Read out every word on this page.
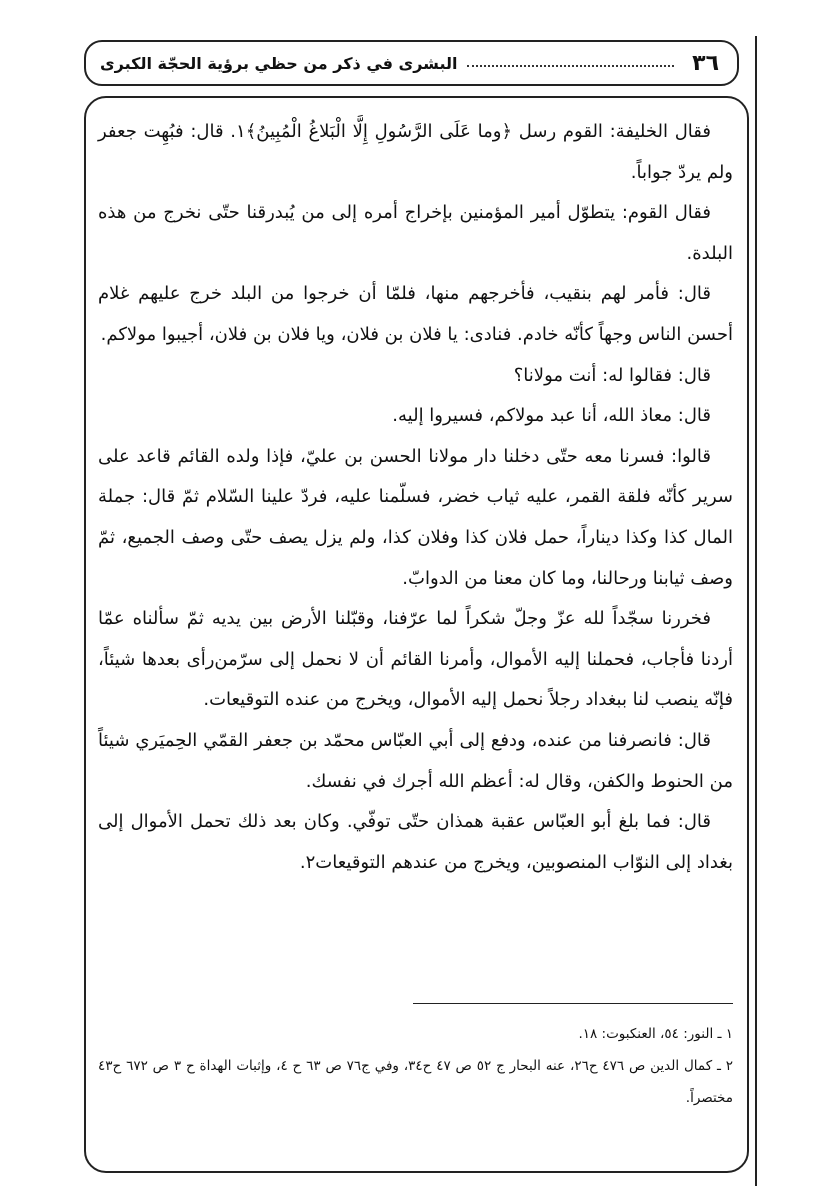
٣٦
البشرى في ذكر من حظي برؤية الحجّة الكبرى

فقال الخليفة: القوم رسل ﴿وما عَلَى الرَّسُولِ إِلَّا الْبَلاغُ الْمُبِينُ﴾١. قال: فبُهِت جعفر ولم يردّ جواباً.

فقال القوم: يتطوّل أمير المؤمنين بإخراج أمره إلى من يُبدرقنا حتّى نخرج من هذه البلدة.

قال: فأمر لهم بنقيب، فأخرجهم منها، فلمّا أن خرجوا من البلد خرج عليهم غلام أحسن الناس وجهاً كأنّه خادم. فنادى: يا فلان بن فلان، ويا فلان بن فلان، أجيبوا مولاكم.

قال: فقالوا له: أنت مولانا؟

قال: معاذ الله، أنا عبد مولاكم، فسيروا إليه.

قالوا: فسرنا معه حتّى دخلنا دار مولانا الحسن بن عليّ، فإذا ولده القائم قاعد على سرير كأنّه فلقة القمر، عليه ثياب خضر، فسلّمنا عليه، فردّ علينا السّلام ثمّ قال: جملة المال كذا وكذا ديناراً، حمل فلان كذا وفلان كذا، ولم يزل يصف حتّى وصف الجميع، ثمّ وصف ثيابنا ورحالنا، وما كان معنا من الدوابّ.

فخررنا سجّداً لله عزّ وجلّ شكراً لما عرّفنا، وقبّلنا الأرض بين يديه ثمّ سألناه عمّا أردنا فأجاب، فحملنا إليه الأموال، وأمرنا القائم أن لا نحمل إلى سرّمن‌رأى بعدها شيئاً، فإنّه ينصب لنا ببغداد رجلاً نحمل إليه الأموال، ويخرج من عنده التوقيعات.

قال: فانصرفنا من عنده، ودفع إلى أبي العبّاس محمّد بن جعفر القمّي الحِميَري شيئاً من الحنوط والكفن، وقال له: أعظم الله أجرك في نفسك.

قال: فما بلغ أبو العبّاس عقبة همذان حتّى توفّي. وكان بعد ذلك تحمل الأموال إلى بغداد إلى النوّاب المنصوبين، ويخرج من عندهم التوقيعات٢.

١ ـ النور: ٥٤، العنكبوت: ١٨.

٢ ـ كمال الدين ص ٤٧٦ ح٢٦، عنه البحار ج ٥٢ ص ٤٧ ح٣٤، وفي ج٧٦ ص ٦٣ ح ٤، وإثبات الهداة ح ٣ ص ٦٧٢ ح٤٣ مختصراً.
